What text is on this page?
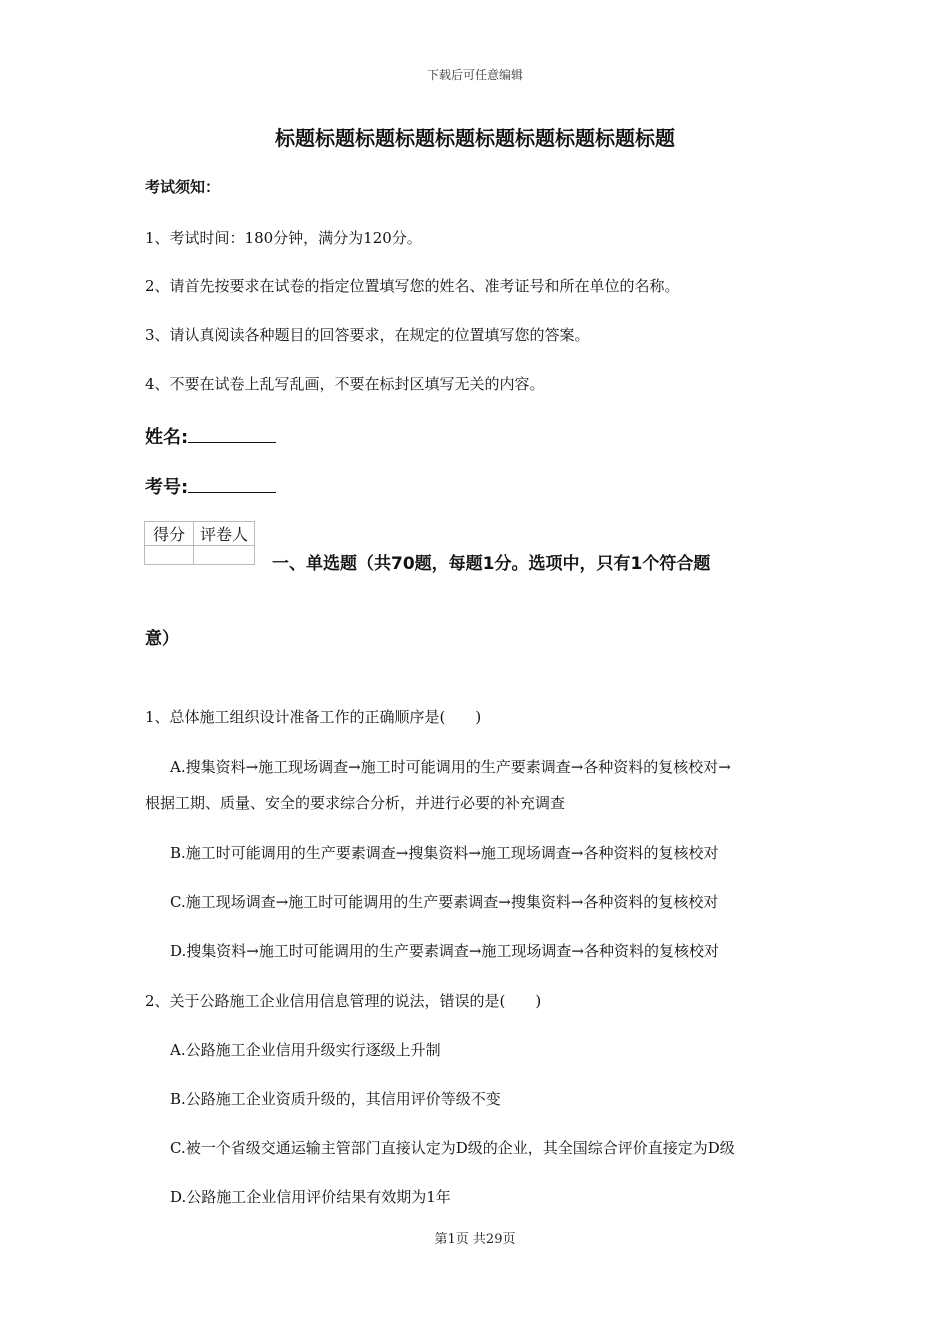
下载后可任意编辑
标题标题标题标题标题标题标题标题标题标题
考试须知：
1、考试时间：180分钟，满分为120分。
2、请首先按要求在试卷的指定位置填写您的姓名、准考证号和所在单位的名称。
3、请认真阅读各种题目的回答要求，在规定的位置填写您的答案。
4、不要在试卷上乱写乱画，不要在标封区填写无关的内容。
姓名:
考号:
得分	评卷人

一、单选题（共70题，每题1分。选项中，只有1个符合题
意）
1、总体施工组织设计准备工作的正确顺序是(　　)
A.搜集资料→施工现场调查→施工时可能调用的生产要素调查→各种资料的复核校对→
根据工期、质量、安全的要求综合分析，并进行必要的补充调查
B.施工时可能调用的生产要素调查→搜集资料→施工现场调查→各种资料的复核校对
C.施工现场调查→施工时可能调用的生产要素调查→搜集资料→各种资料的复核校对
D.搜集资料→施工时可能调用的生产要素调查→施工现场调查→各种资料的复核校对
2、关于公路施工企业信用信息管理的说法，错误的是(　　)
A.公路施工企业信用升级实行逐级上升制
B.公路施工企业资质升级的，其信用评价等级不变
C.被一个省级交通运输主管部门直接认定为D级的企业，其全国综合评价直接定为D级
D.公路施工企业信用评价结果有效期为1年
第1页 共29页
